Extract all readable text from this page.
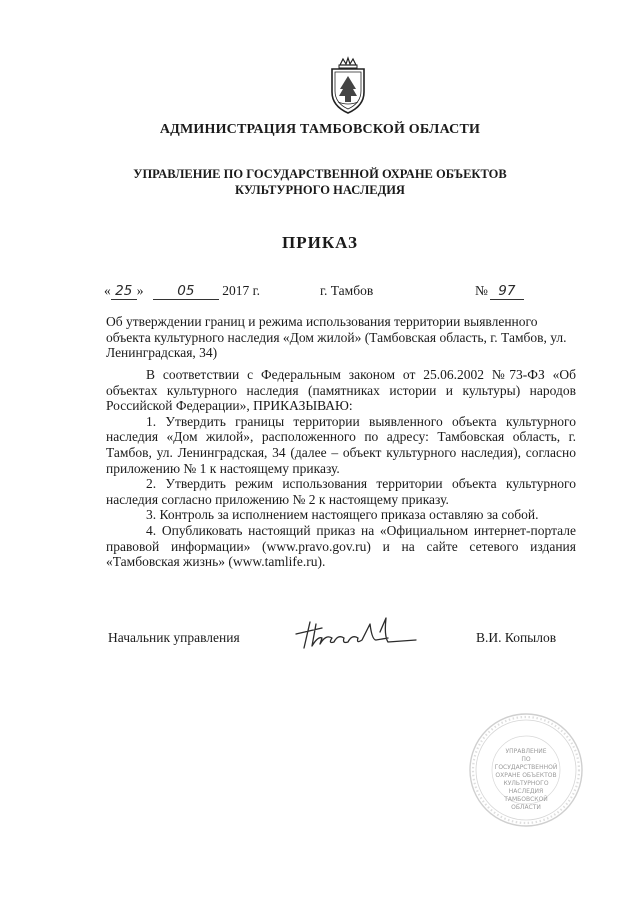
АДМИНИСТРАЦИЯ ТАМБОВСКОЙ ОБЛАСТИ
УПРАВЛЕНИЕ ПО ГОСУДАРСТВЕННОЙ ОХРАНЕ ОБЪЕКТОВ
КУЛЬТУРНОГО НАСЛЕДИЯ
ПРИКАЗ
« 25 »	05 2017 г.	г. Тамбов	№ 97
Об утверждении границ и режима использования территории выявленного объекта культурного наследия «Дом жилой» (Тамбовская область, г. Тамбов, ул. Ленинградская, 34)

В соответствии с Федеральным законом от 25.06.2002 №73-ФЗ «Об объектах культурного наследия (памятниках истории и культуры) народов Российской Федерации», ПРИКАЗЫВАЮ:

1. Утвердить границы территории выявленного объекта культурного наследия «Дом жилой», расположенного по адресу: Тамбовская область, г. Тамбов, ул. Ленинградская, 34 (далее – объект культурного наследия), согласно приложению № 1 к настоящему приказу.

2. Утвердить режим использования территории объекта культурного наследия согласно приложению № 2 к настоящему приказу.

3. Контроль за исполнением настоящего приказа оставляю за собой.

4. Опубликовать настоящий приказ на «Официальном интернет-портале правовой информации» (www.pravo.gov.ru) и на сайте сетевого издания «Тамбовская жизнь» (www.tamlife.ru).

Начальник управления	В.И. Копылов
УПРАВЛЕНИЕ
ПО ГОСУДАРСТВЕННОЙ
ОХРАНЕ ОБЪЕКТОВ
КУЛЬТУРНОГО
НАСЛЕДИЯ
ТАМБОВСКОЙ
ОБЛАСТИ
